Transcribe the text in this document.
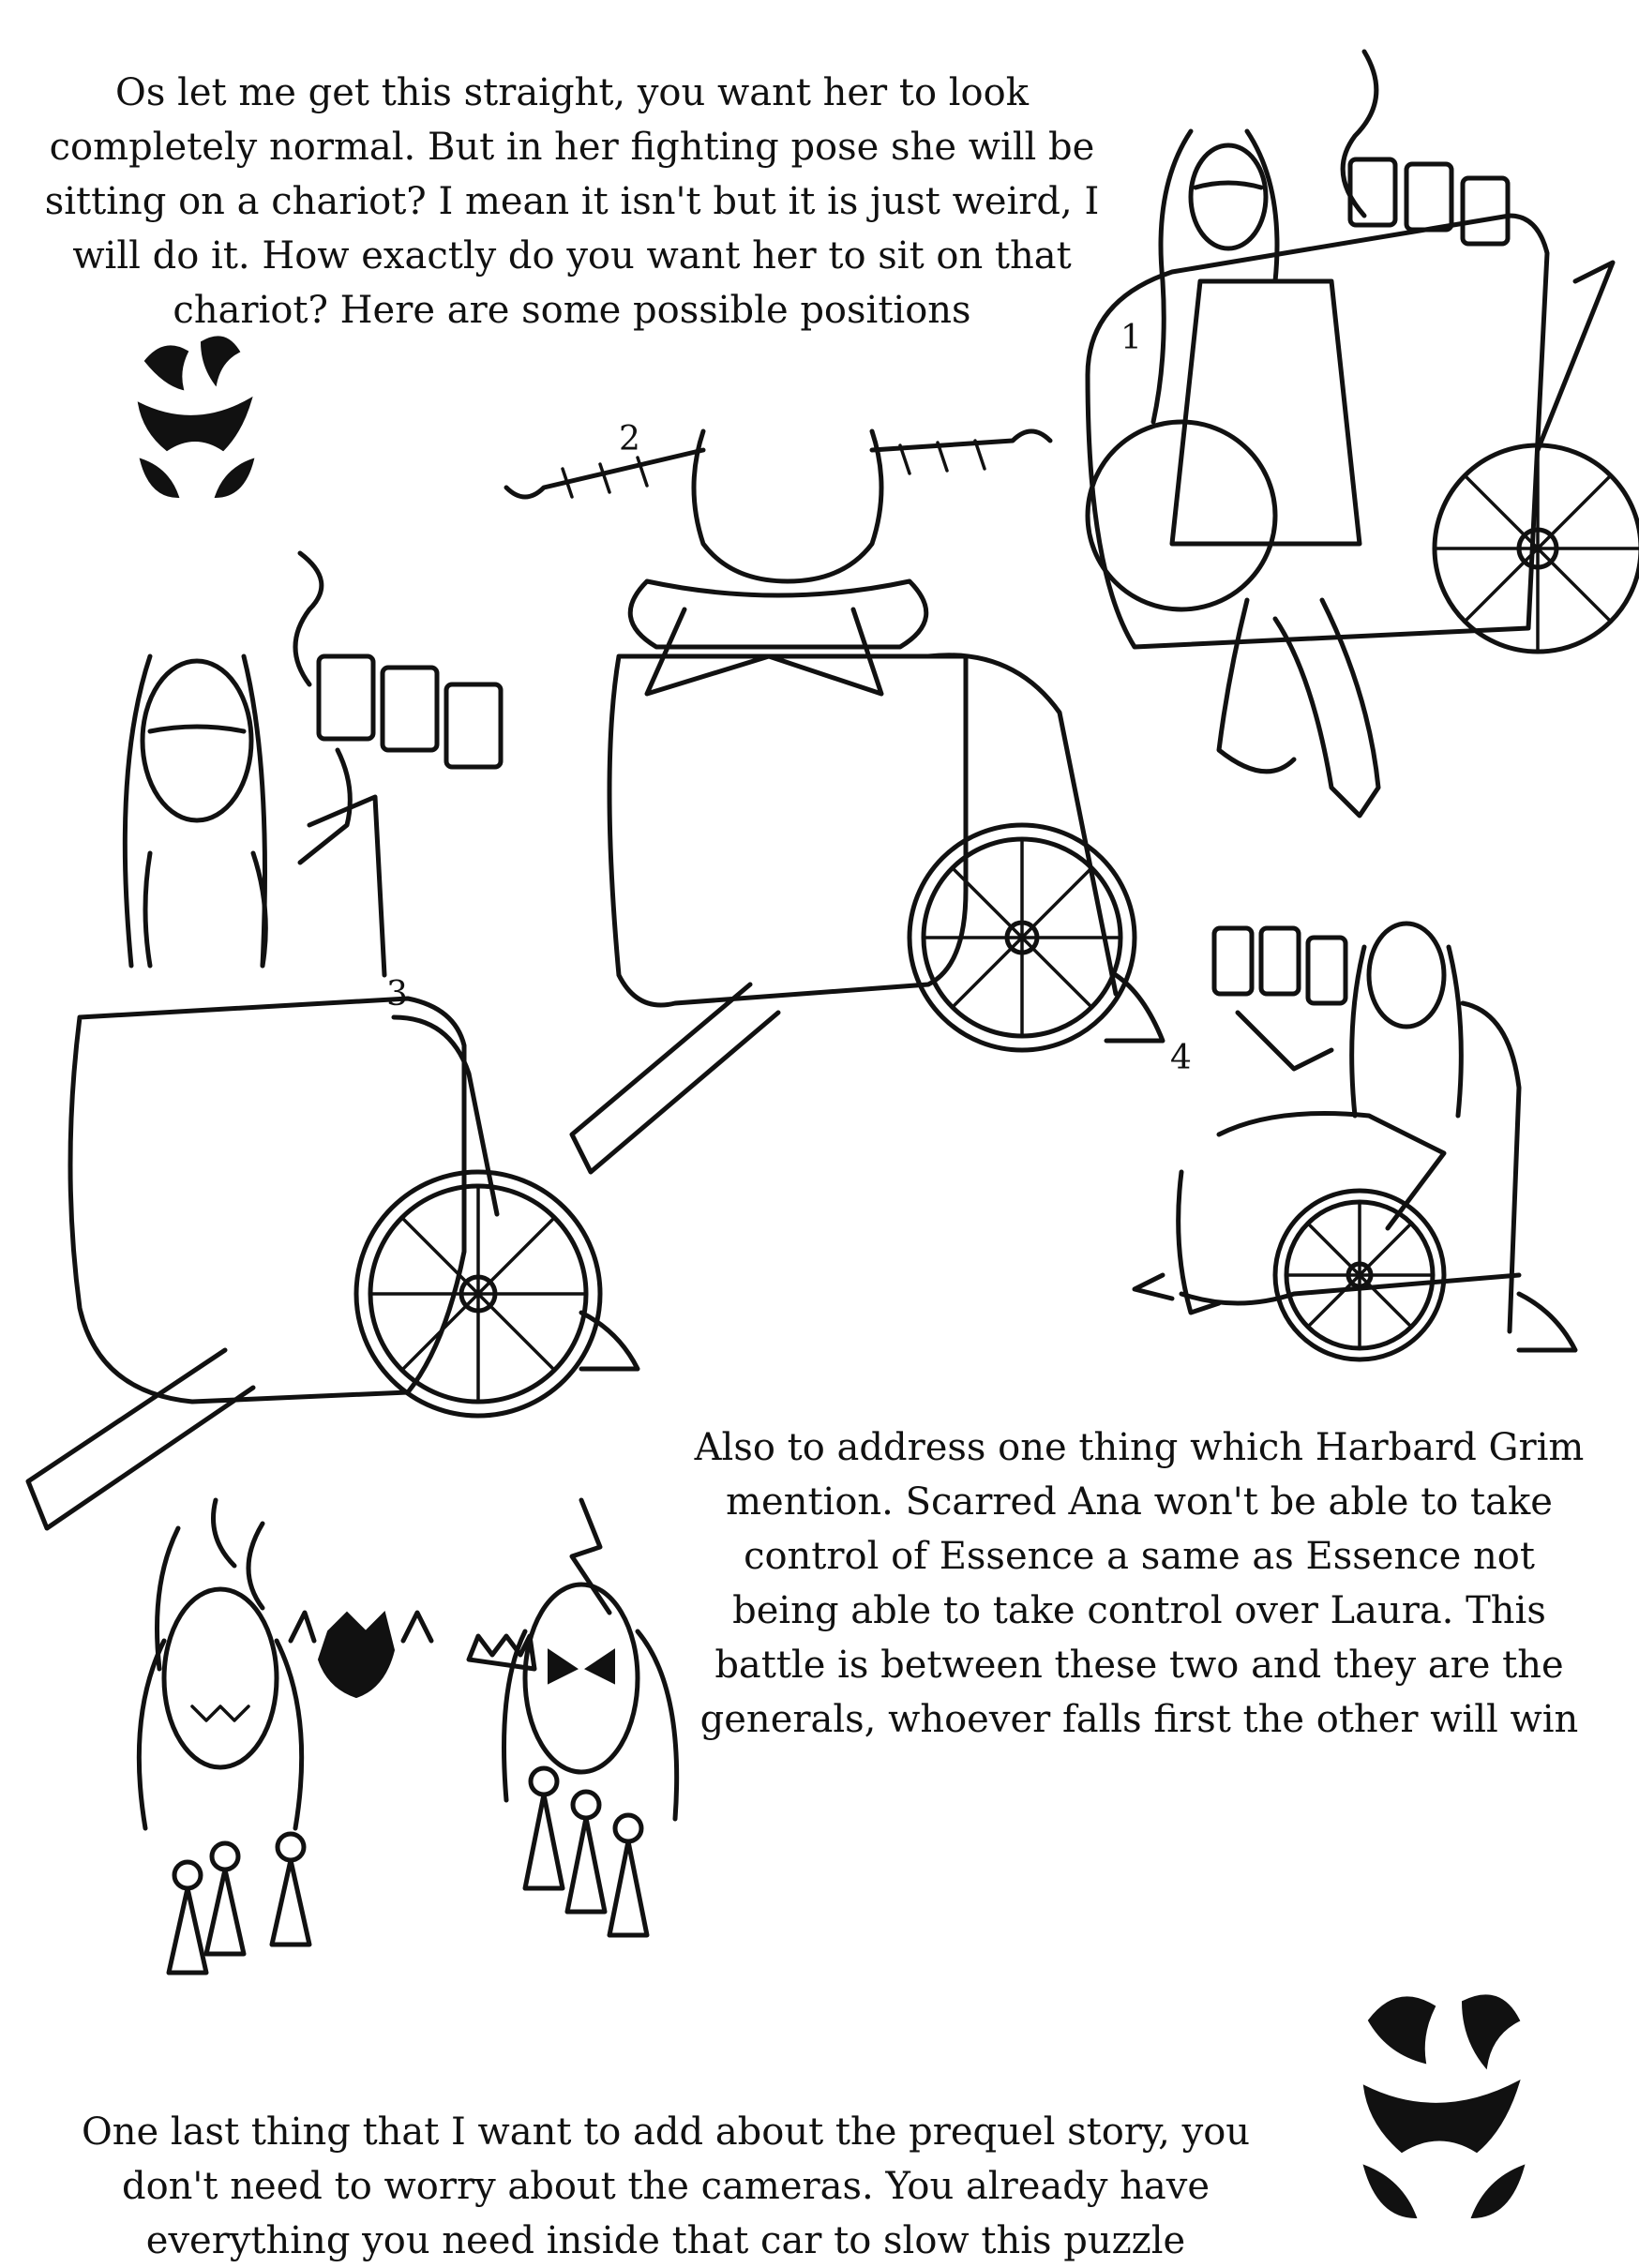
Os let me get this straight, you want her to look completely normal. But in her fighting pose she will be sitting on a chariot? I mean it isn't but it is just weird, I will do it. How exactly do you want her to sit on that chariot? Here are some possible positions
Also to address one thing which Harbard Grim mention. Scarred Ana won't be able to take control of Essence a same as Essence not being able to take control over Laura. This battle is between these two and they are the generals, whoever falls first the other will win
One last thing that I want to add about the prequel story, you don't need to worry about the cameras. You already have everything you need inside that car to slow this puzzle
1
2
3
4
